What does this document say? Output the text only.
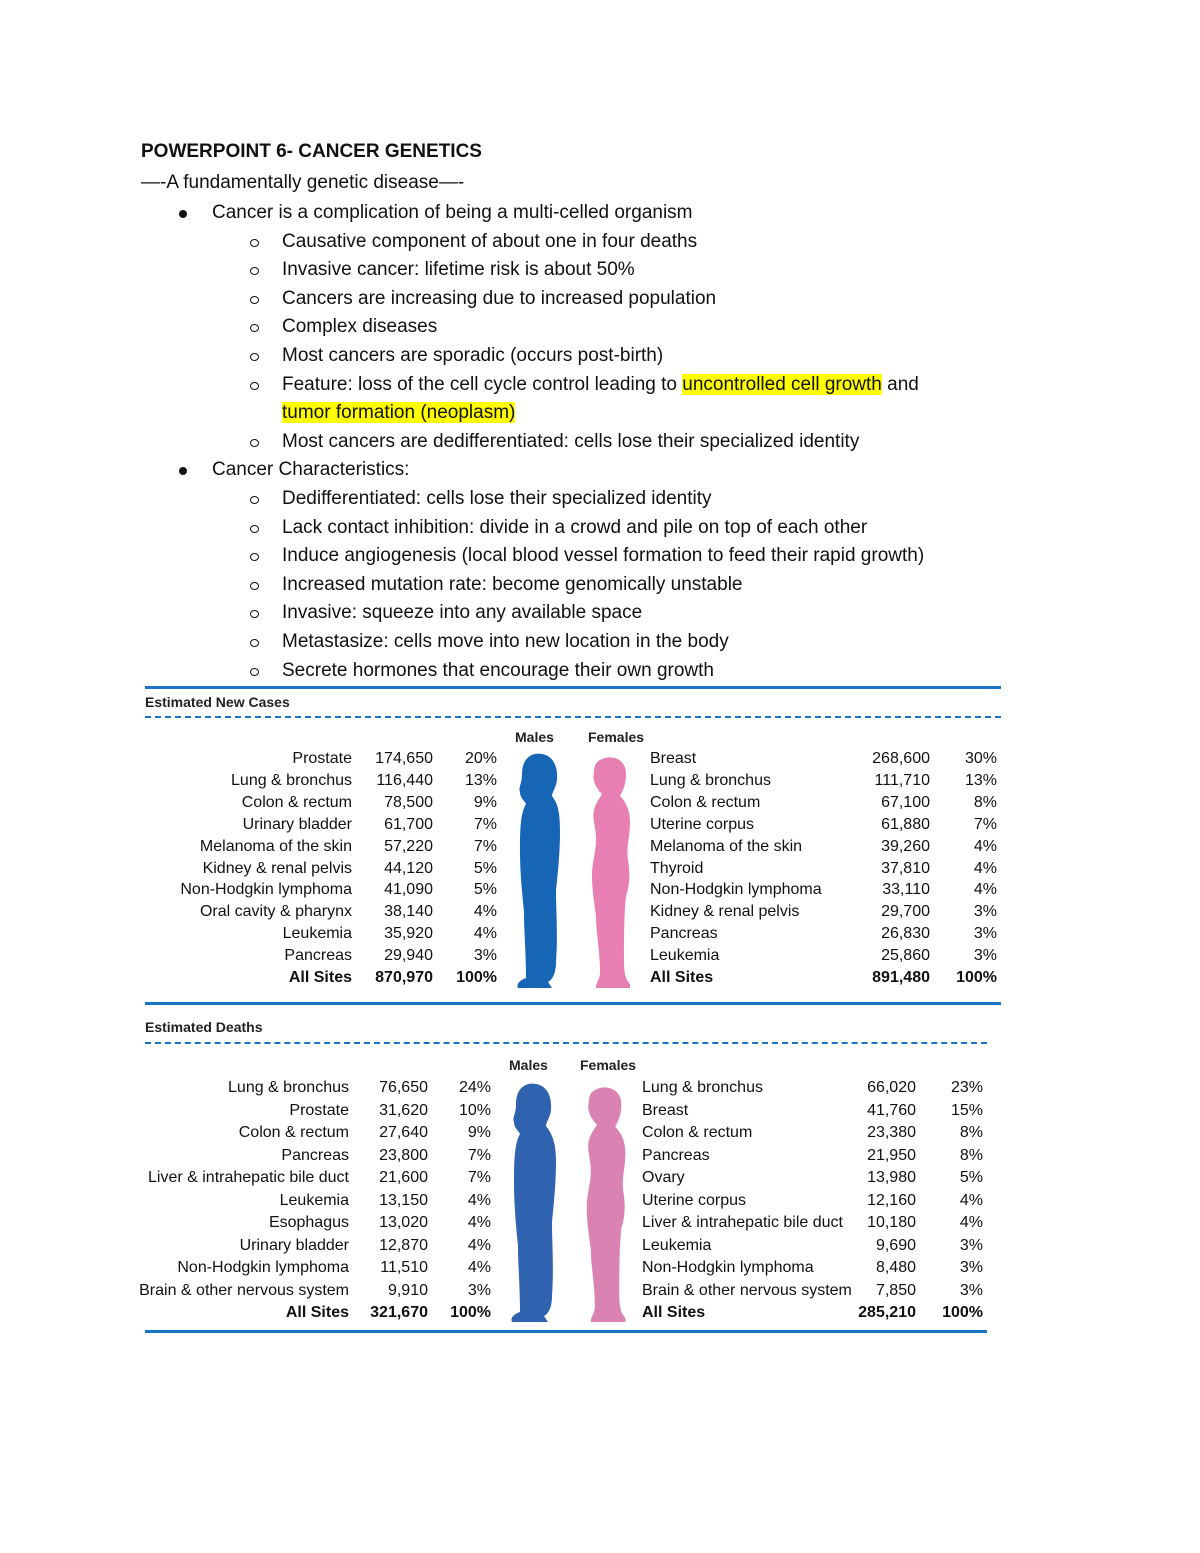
POWERPOINT 6- CANCER GENETICS
—-A fundamentally genetic disease—-
Cancer is a complication of being a multi-celled organism
Causative component of about one in four deaths
Invasive cancer: lifetime risk is about 50%
Cancers are increasing due to increased population
Complex diseases
Most cancers are sporadic (occurs post-birth)
Feature: loss of the cell cycle control leading to uncontrolled cell growth and
tumor formation (neoplasm)
Most cancers are dedifferentiated: cells lose their specialized identity
Cancer Characteristics:
Dedifferentiated: cells lose their specialized identity
Lack contact inhibition: divide in a crowd and pile on top of each other
Induce angiogenesis (local blood vessel formation to feed their rapid growth)
Increased mutation rate: become genomically unstable
Invasive: squeeze into any available space
Metastasize: cells move into new location in the body
Secrete hormones that encourage their own growth
Estimated New Cases
Males Females
Prostate	174,650	20%
Lung & bronchus	116,440	13%
Colon & rectum	78,500	9%
Urinary bladder	61,700	7%
Melanoma of the skin	57,220	7%
Kidney & renal pelvis	44,120	5%
Non-Hodgkin lymphoma	41,090	5%
Oral cavity & pharynx	38,140	4%
Leukemia	35,920	4%
Pancreas	29,940	3%
All Sites	870,970	100%
Breast	268,600	30%
Lung & bronchus	111,710	13%
Colon & rectum	67,100	8%
Uterine corpus	61,880	7%
Melanoma of the skin	39,260	4%
Thyroid	37,810	4%
Non-Hodgkin lymphoma	33,110	4%
Kidney & renal pelvis	29,700	3%
Pancreas	26,830	3%
Leukemia	25,860	3%
All Sites	891,480	100%
Estimated Deaths
Males Females
Lung & bronchus	76,650	24%
Prostate	31,620	10%
Colon & rectum	27,640	9%
Pancreas	23,800	7%
Liver & intrahepatic bile duct	21,600	7%
Leukemia	13,150	4%
Esophagus	13,020	4%
Urinary bladder	12,870	4%
Non-Hodgkin lymphoma	11,510	4%
Brain & other nervous system	9,910	3%
All Sites	321,670	100%
Lung & bronchus	66,020	23%
Breast	41,760	15%
Colon & rectum	23,380	8%
Pancreas	21,950	8%
Ovary	13,980	5%
Uterine corpus	12,160	4%
Liver & intrahepatic bile duct	10,180	4%
Leukemia	9,690	3%
Non-Hodgkin lymphoma	8,480	3%
Brain & other nervous system	7,850	3%
All Sites	285,210	100%
